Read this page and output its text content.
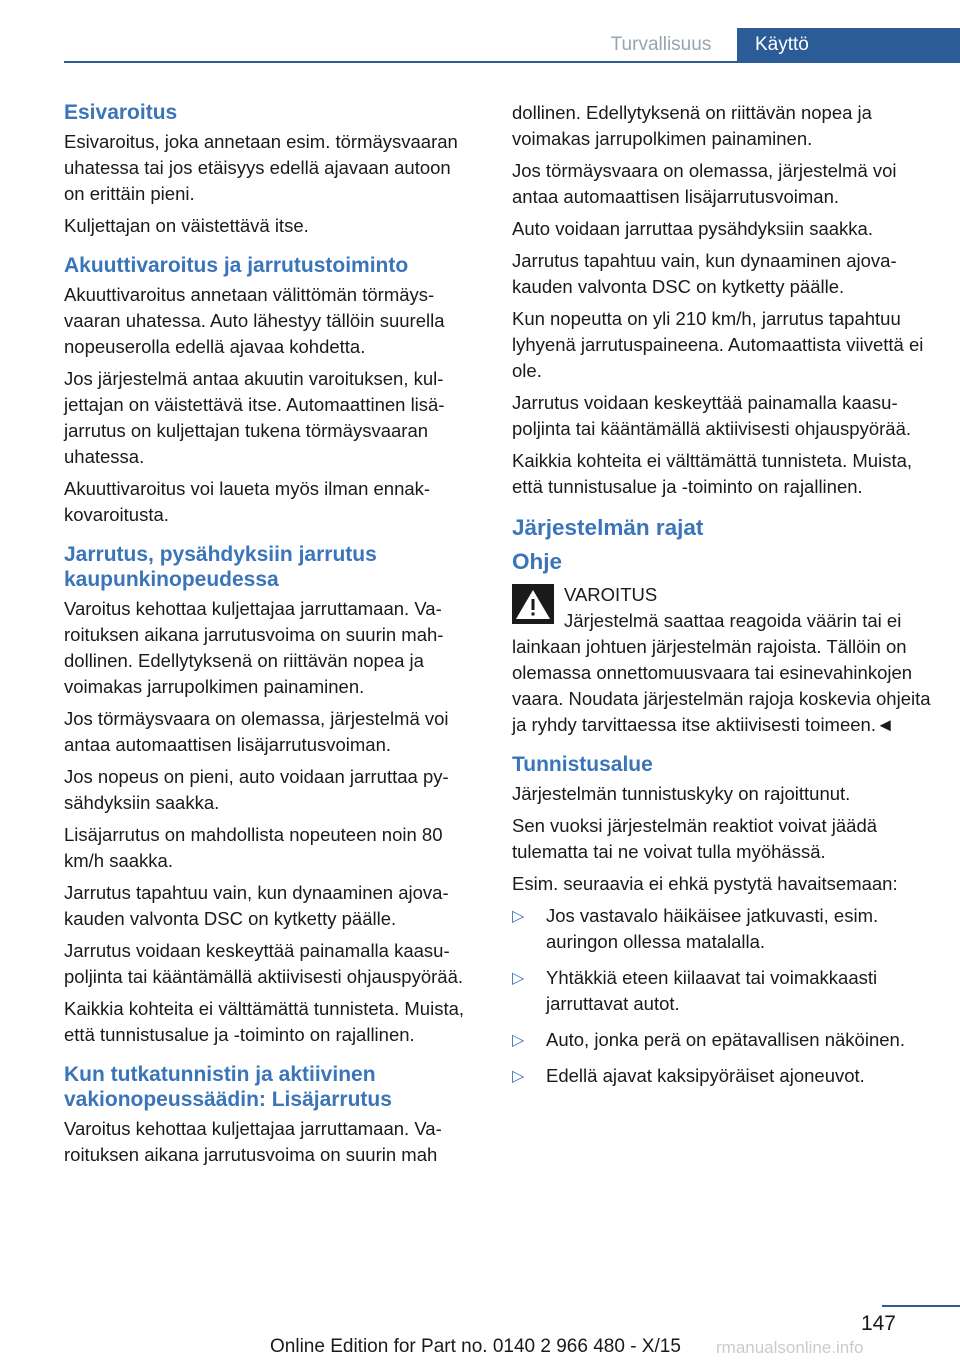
Turvallisuus	Käyttö
Esivaroitus

Esivaroitus, joka annetaan esim. törmäysvaaran uhatessa tai jos etäisyys edellä ajavaan autoon on erittäin pieni.

Kuljettajan on väistettävä itse.

Akuuttivaroitus ja jarrutustoiminto

Akuuttivaroitus annetaan välittömän törmäysvaaran uhatessa. Auto lähestyy tällöin suurella nopeuserolla edellä ajavaa kohdetta.

Jos järjestelmä antaa akuutin varoituksen, kuljettajan on väistettävä itse. Automaattinen lisäjarrutus on kuljettajan tukena törmäysvaaran uhatessa.

Akuuttivaroitus voi laueta myös ilman ennakkovaroitusta.

Jarrutus, pysähdyksiin jarrutus kaupunkinopeudessa

Varoitus kehottaa kuljettajaa jarruttamaan. Varoituksen aikana jarrutusvoima on suurin mahdollinen. Edellytyksenä on riittävän nopea ja voimakas jarrupolkimen painaminen.

Jos törmäysvaara on olemassa, järjestelmä voi antaa automaattisen lisäjarrutusvoiman.

Jos nopeus on pieni, auto voidaan jarruttaa pysähdyksiin saakka.

Lisäjarrutus on mahdollista nopeuteen noin 80 km/h saakka.

Jarrutus tapahtuu vain, kun dynaaminen ajovakauden valvonta DSC on kytketty päälle.

Jarrutus voidaan keskeyttää painamalla kaasupoljinta tai kääntämällä aktiivisesti ohjauspyörää.

Kaikkia kohteita ei välttämättä tunnisteta. Muista, että tunnistusalue ja -toiminto on rajallinen.

Kun tutkatunnistin ja aktiivinen vakionopeussäädin: Lisäjarrutus

Varoitus kehottaa kuljettajaa jarruttamaan. Varoituksen aikana jarrutusvoima on suurin mah

dollinen. Edellytyksenä on riittävän nopea ja voimakas jarrupolkimen painaminen.

Jos törmäysvaara on olemassa, järjestelmä voi antaa automaattisen lisäjarrutusvoiman.

Auto voidaan jarruttaa pysähdyksiin saakka.

Jarrutus tapahtuu vain, kun dynaaminen ajovakauden valvonta DSC on kytketty päälle.

Kun nopeutta on yli 210 km/h, jarrutus tapahtuu lyhyenä jarrutuspaineena. Automaattista viivettä ei ole.

Jarrutus voidaan keskeyttää painamalla kaasupoljinta tai kääntämällä aktiivisesti ohjauspyörää.

Kaikkia kohteita ei välttämättä tunnisteta. Muista, että tunnistusalue ja -toiminto on rajallinen.

Järjestelmän rajat
Ohje
VAROITUS
Järjestelmä saattaa reagoida väärin tai ei
lainkaan johtuen järjestelmän rajoista. Tällöin on olemassa onnettomuusvaara tai esinevahinkojen vaara. Noudata järjestelmän rajoja koskevia ohjeita ja ryhdy tarvittaessa itse aktiivisesti toimeen.◄
Tunnistusalue

Järjestelmän tunnistuskyky on rajoittunut.

Sen vuoksi järjestelmän reaktiot voivat jäädä tulematta tai ne voivat tulla myöhässä.

Esim. seuraavia ei ehkä pystytä havaitsemaan:

▷ Jos vastavalo häikäisee jatkuvasti, esim. auringon ollessa matalalla.
▷ Yhtäkkiä eteen kiilaavat tai voimakkaasti jarruttavat autot.
▷ Auto, jonka perä on epätavallisen näköinen.
▷ Edellä ajavat kaksipyöräiset ajoneuvot.
147
Online Edition for Part no. 0140 2 966 480 - X/15 rmanualsonline.info
